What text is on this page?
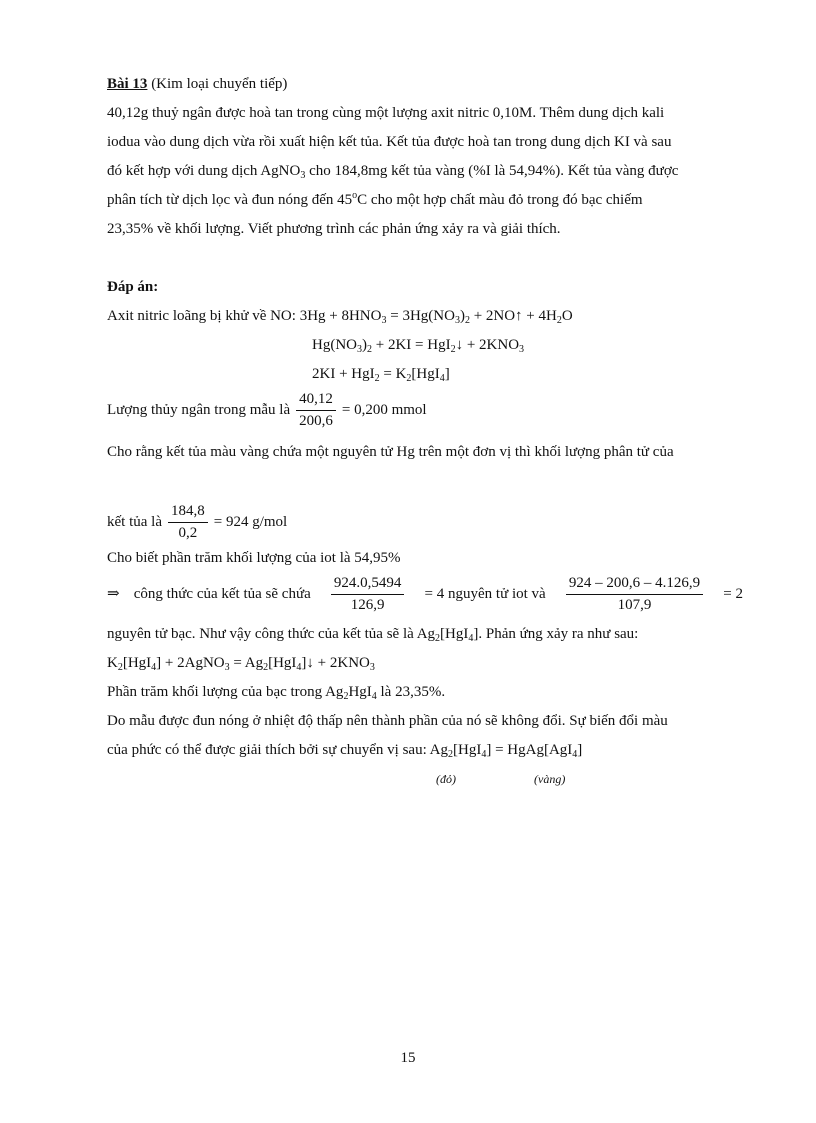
Bài 13 (Kim loại chuyển tiếp)

40,12g thuỷ ngân được hoà tan trong cùng một lượng axit nitric 0,10M. Thêm dung dịch kali

iodua vào dung dịch vừa rồi xuất hiện kết tủa. Kết tủa được hoà tan trong dung dịch KI và sau

đó kết hợp với dung dịch AgNO$_3$ cho 184,8mg kết tủa vàng (%I là 54,94%). Kết tủa vàng được

phân tích từ dịch lọc và đun nóng đến 45$^o$C cho một hợp chất màu đỏ trong đó bạc chiếm

23,35% về khối lượng. Viết phương trình các phản ứng xảy ra và giải thích.

Đáp án:

Axit nitric loãng bị khử về NO: $3Hg + 8HNO_3 = 3Hg(NO_3)_2$ + 2NO↑ + $4H_2O$

$Hg(NO_3)_2 + 2KI$ = HgI$_2$↓ + $2KNO_3$

$2KI + HgI_2 = K_2[HgI_4]$

Lượng thủy ngân trong mẫu là $\frac{40,12}{200,6} = 0,200$ mmol

Cho rằng kết tủa màu vàng chứa một nguyên tử Hg trên một đơn vị thì khối lượng phân tử của

kết tủa là $\frac{184,8}{0,2} = 924$ g/mol

Cho biết phần trăm khối lượng của iot là 54,95%

⇒ công thức của kết tủa sẽ chứa $\frac{924.0,5494}{126,9} = 4$ nguyên tử iot và $\frac{924 - 200,6 - 4.126,9}{107,9} = 2$

nguyên tử bạc. Như vậy công thức của kết tủa sẽ là $Ag_2[HgI_4]$. Phản ứng xảy ra như sau:

$K_2[HgI_4]$ + 2AgNO$_3$ = $Ag_2[HgI_4]↓ + 2KNO_3$

Phần trăm khối lượng của bạc trong $Ag_2HgI_4$ là 23,35%.

Do mẫu được đun nóng ở nhiệt độ thấp nên thành phần của nó sẽ không đổi. Sự biến đổi màu

của phức có thể được giải thích bởi sự chuyển vị sau: $Ag_2[HgI_4]$ = HgAg[AgI$_4$]

(đỏ)	(vàng)
15
